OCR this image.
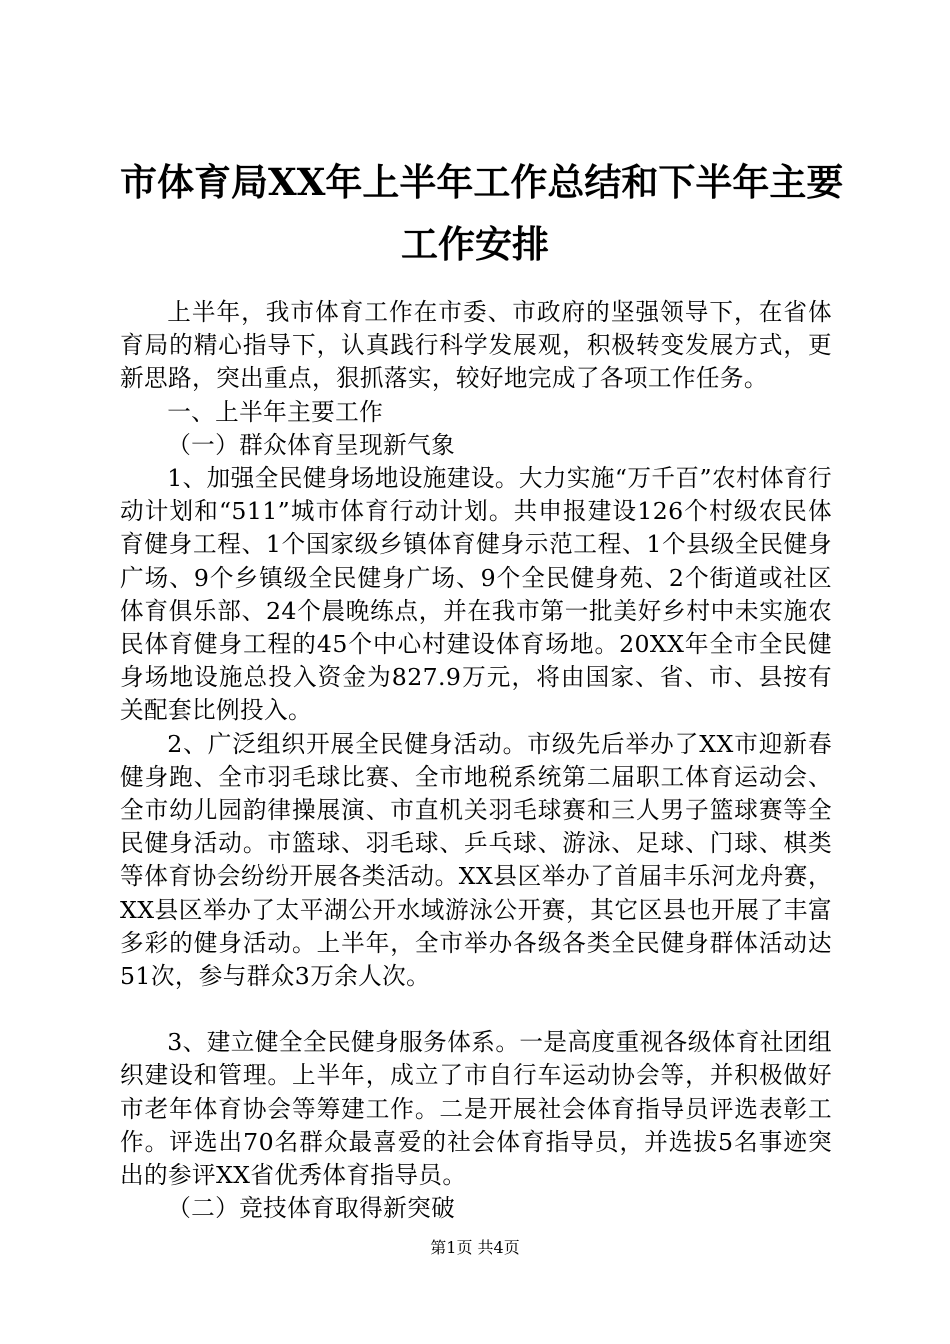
市体育局XX年上半年工作总结和下半年主要
工作安排

上半年，我市体育工作在市委、市政府的坚强领导下，在省体育局的精心指导下，认真践行科学发展观，积极转变发展方式，更新思路，突出重点，狠抓落实，较好地完成了各项工作任务。

一、上半年主要工作

（一）群众体育呈现新气象

1、加强全民健身场地设施建设。大力实施“万千百”农村体育行动计划和“511”城市体育行动计划。共申报建设126个村级农民体育健身工程、1个国家级乡镇体育健身示范工程、1个县级全民健身广场、9个乡镇级全民健身广场、9个全民健身苑、2个街道或社区体育俱乐部、24个晨晚练点，并在我市第一批美好乡村中未实施农民体育健身工程的45个中心村建设体育场地。20XX年全市全民健身场地设施总投入资金为827.9万元，将由国家、省、市、县按有关配套比例投入。

2、广泛组织开展全民健身活动。市级先后举办了XX市迎新春健身跑、全市羽毛球比赛、全市地税系统第二届职工体育运动会、全市幼儿园韵律操展演、市直机关羽毛球赛和三人男子篮球赛等全民健身活动。市篮球、羽毛球、乒乓球、游泳、足球、门球、棋类等体育协会纷纷开展各类活动。XX县区举办了首届丰乐河龙舟赛，XX县区举办了太平湖公开水域游泳公开赛，其它区县也开展了丰富多彩的健身活动。上半年，全市举办各级各类全民健身群体活动达51次，参与群众3万余人次。

3、建立健全全民健身服务体系。一是高度重视各级体育社团组织建设和管理。上半年，成立了市自行车运动协会等，并积极做好市老年体育协会等筹建工作。二是开展社会体育指导员评选表彰工作。评选出70名群众最喜爱的社会体育指导员，并选拔5名事迹突出的参评XX省优秀体育指导员。

（二）竞技体育取得新突破

第1页 共4页
